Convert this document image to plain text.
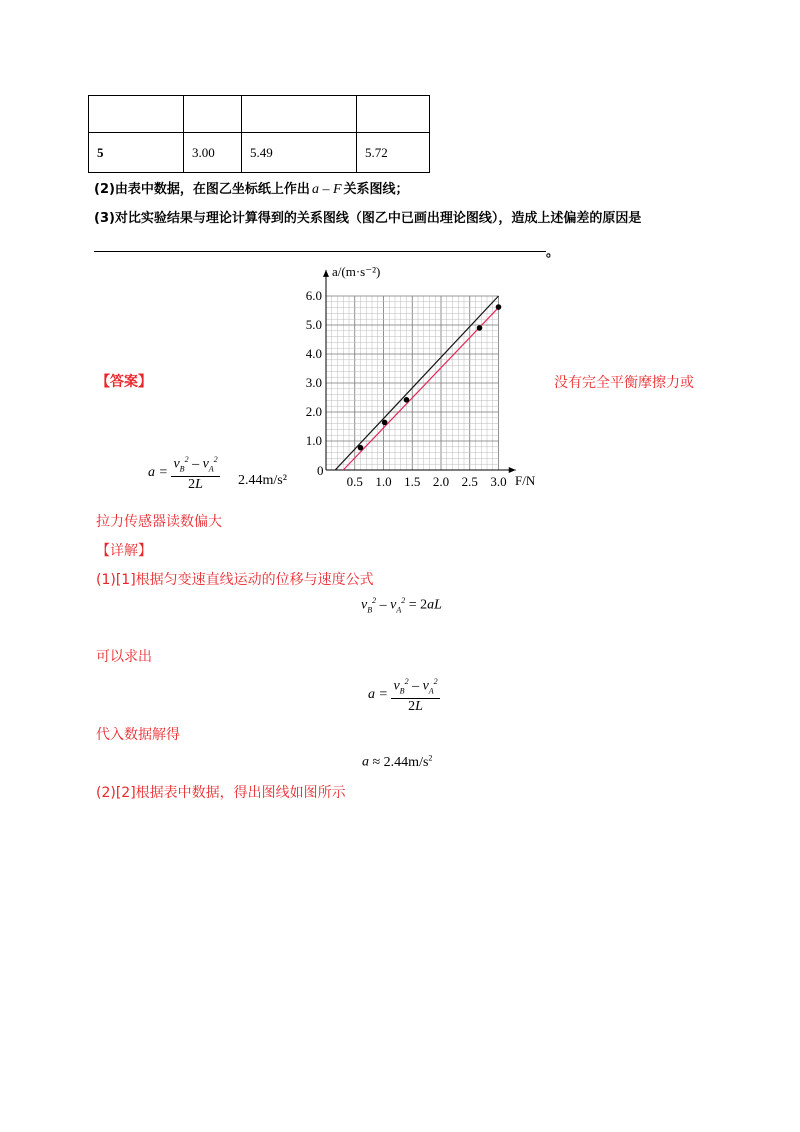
5	3.00	5.49	5.72
(2)由表中数据，在图乙坐标纸上作出 a – F 关系图线；
(3)对比实验结果与理论计算得到的关系图线（图乙中已画出理论图线），造成上述偏差的原因是
。
【答案】	没有完全平衡摩擦力或
$a = \frac{v_B^2 - v_A^2}{2L} 2.44m/s^2$	0.5 1.0 1.5 2.0 2.5 3.0
1.0
2.0
3.0
4.0
5.0
6.0
a/(m·s⁻²)
F/N
0
拉力传感器读数偏大
【详解】
(1)[1]根据匀变速直线运动的位移与速度公式
$v_B^2 - v_A^2 = 2aL$
可以求出
$a = \frac{v_B^2 - v_A^2}{2L}$
代入数据解得
$a \approx 2.44m/s^2$
(2)[2]根据表中数据，得出图线如图所示
